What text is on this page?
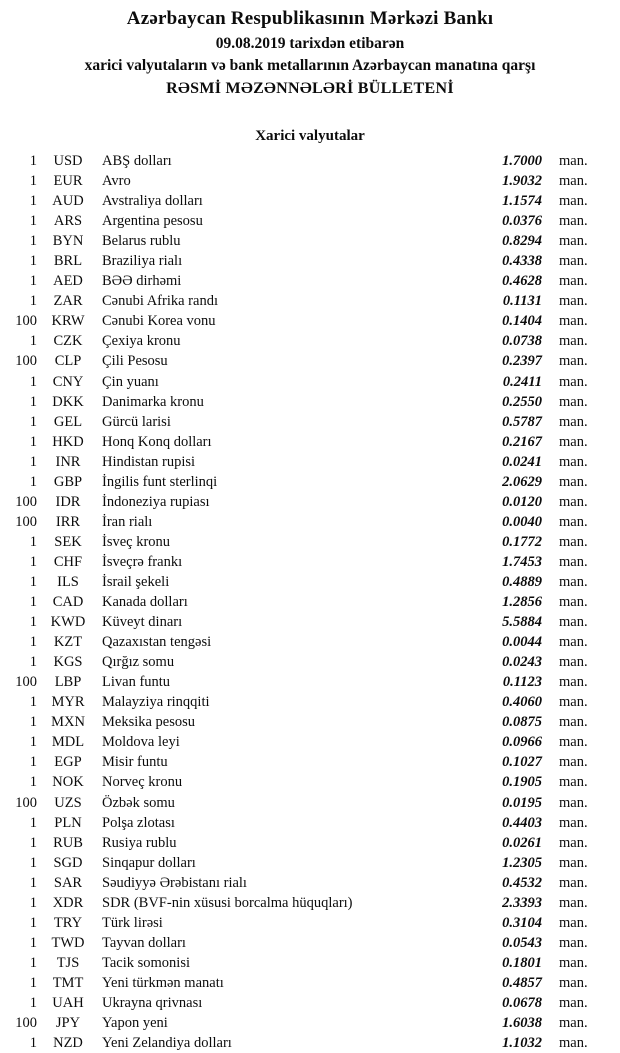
Azərbaycan Respublikasının Mərkəzi Bankı
09.08.2019 tarixdən etibarən
xarici valyutaların və bank metallarının Azərbaycan manatına qarşı
RƏSMİ MƏZƏNNƏLƏRİ BÜLLETENİ
Xarici valyutalar
1	USD	ABŞ dolları	1.7000 man.
1	EUR	Avro	1.9032 man.
1	AUD	Avstraliya dolları	1.1574 man.
1	ARS	Argentina pesosu	0.0376 man.
1	BYN	Belarus rublu	0.8294 man.
1	BRL	Braziliya rialı	0.4338 man.
1	AED	BƏƏ dirhəmi	0.4628 man.
1	ZAR	Cənubi Afrika randı	0.1131 man.
100 KRW	Cənubi Korea vonu	0.1404 man.
1	CZK	Çexiya kronu	0.0738 man.
100	CLP	Çili Pesosu	0.2397 man.
1	CNY	Çin yuanı	0.2411 man.
1	DKK	Danimarka kronu	0.2550 man.
1	GEL	Gürcü larisi	0.5787 man.
1	HKD	Honq Konq dolları	0.2167 man.
1	INR	Hindistan rupisi	0.0241 man.
1	GBP	İngilis funt sterlinqi	2.0629 man.
100	IDR	İndoneziya rupiası	0.0120 man.
100	IRR	İran rialı	0.0040 man.
1	SEK	İsveç kronu	0.1772 man.
1	CHF	İsveçrə frankı	1.7453 man.
1	ILS	İsrail şekeli	0.4889 man.
1	CAD	Kanada dolları	1.2856 man.
1 KWD	Küveyt dinarı	5.5884 man.
1	KZT	Qazaxıstan tengəsi	0.0044 man.
1	KGS	Qırğız somu	0.0243 man.
100	LBP	Livan funtu	0.1123 man.
1 MYR	Malayziya rinqqiti	0.4060 man.
1 MXN	Meksika pesosu	0.0875 man.
1	MDL	Moldova leyi	0.0966 man.
1	EGP	Misir funtu	0.1027 man.
1	NOK	Norveç kronu	0.1905 man.
100	UZS	Özbək somu	0.0195 man.
1	PLN	Polşa zlotası	0.4403 man.
1	RUB	Rusiya rublu	0.0261 man.
1	SGD	Sinqapur dolları	1.2305 man.
1	SAR	Səudiyyə Ərəbistanı rialı	0.4532 man.
1	XDR	SDR (BVF-nin xüsusi borcalma hüquqları)	2.3393 man.
1	TRY	Türk lirəsi	0.3104 man.
1 TWD	Tayvan dolları	0.0543 man.
1	TJS	Tacik somonisi	0.1801 man.
1	TMT	Yeni türkmən manatı	0.4857 man.
1	UAH	Ukrayna qrivnası	0.0678 man.
100	JPY	Yapon yeni	1.6038 man.
1	NZD	Yeni Zelandiya dolları	1.1032 man.
